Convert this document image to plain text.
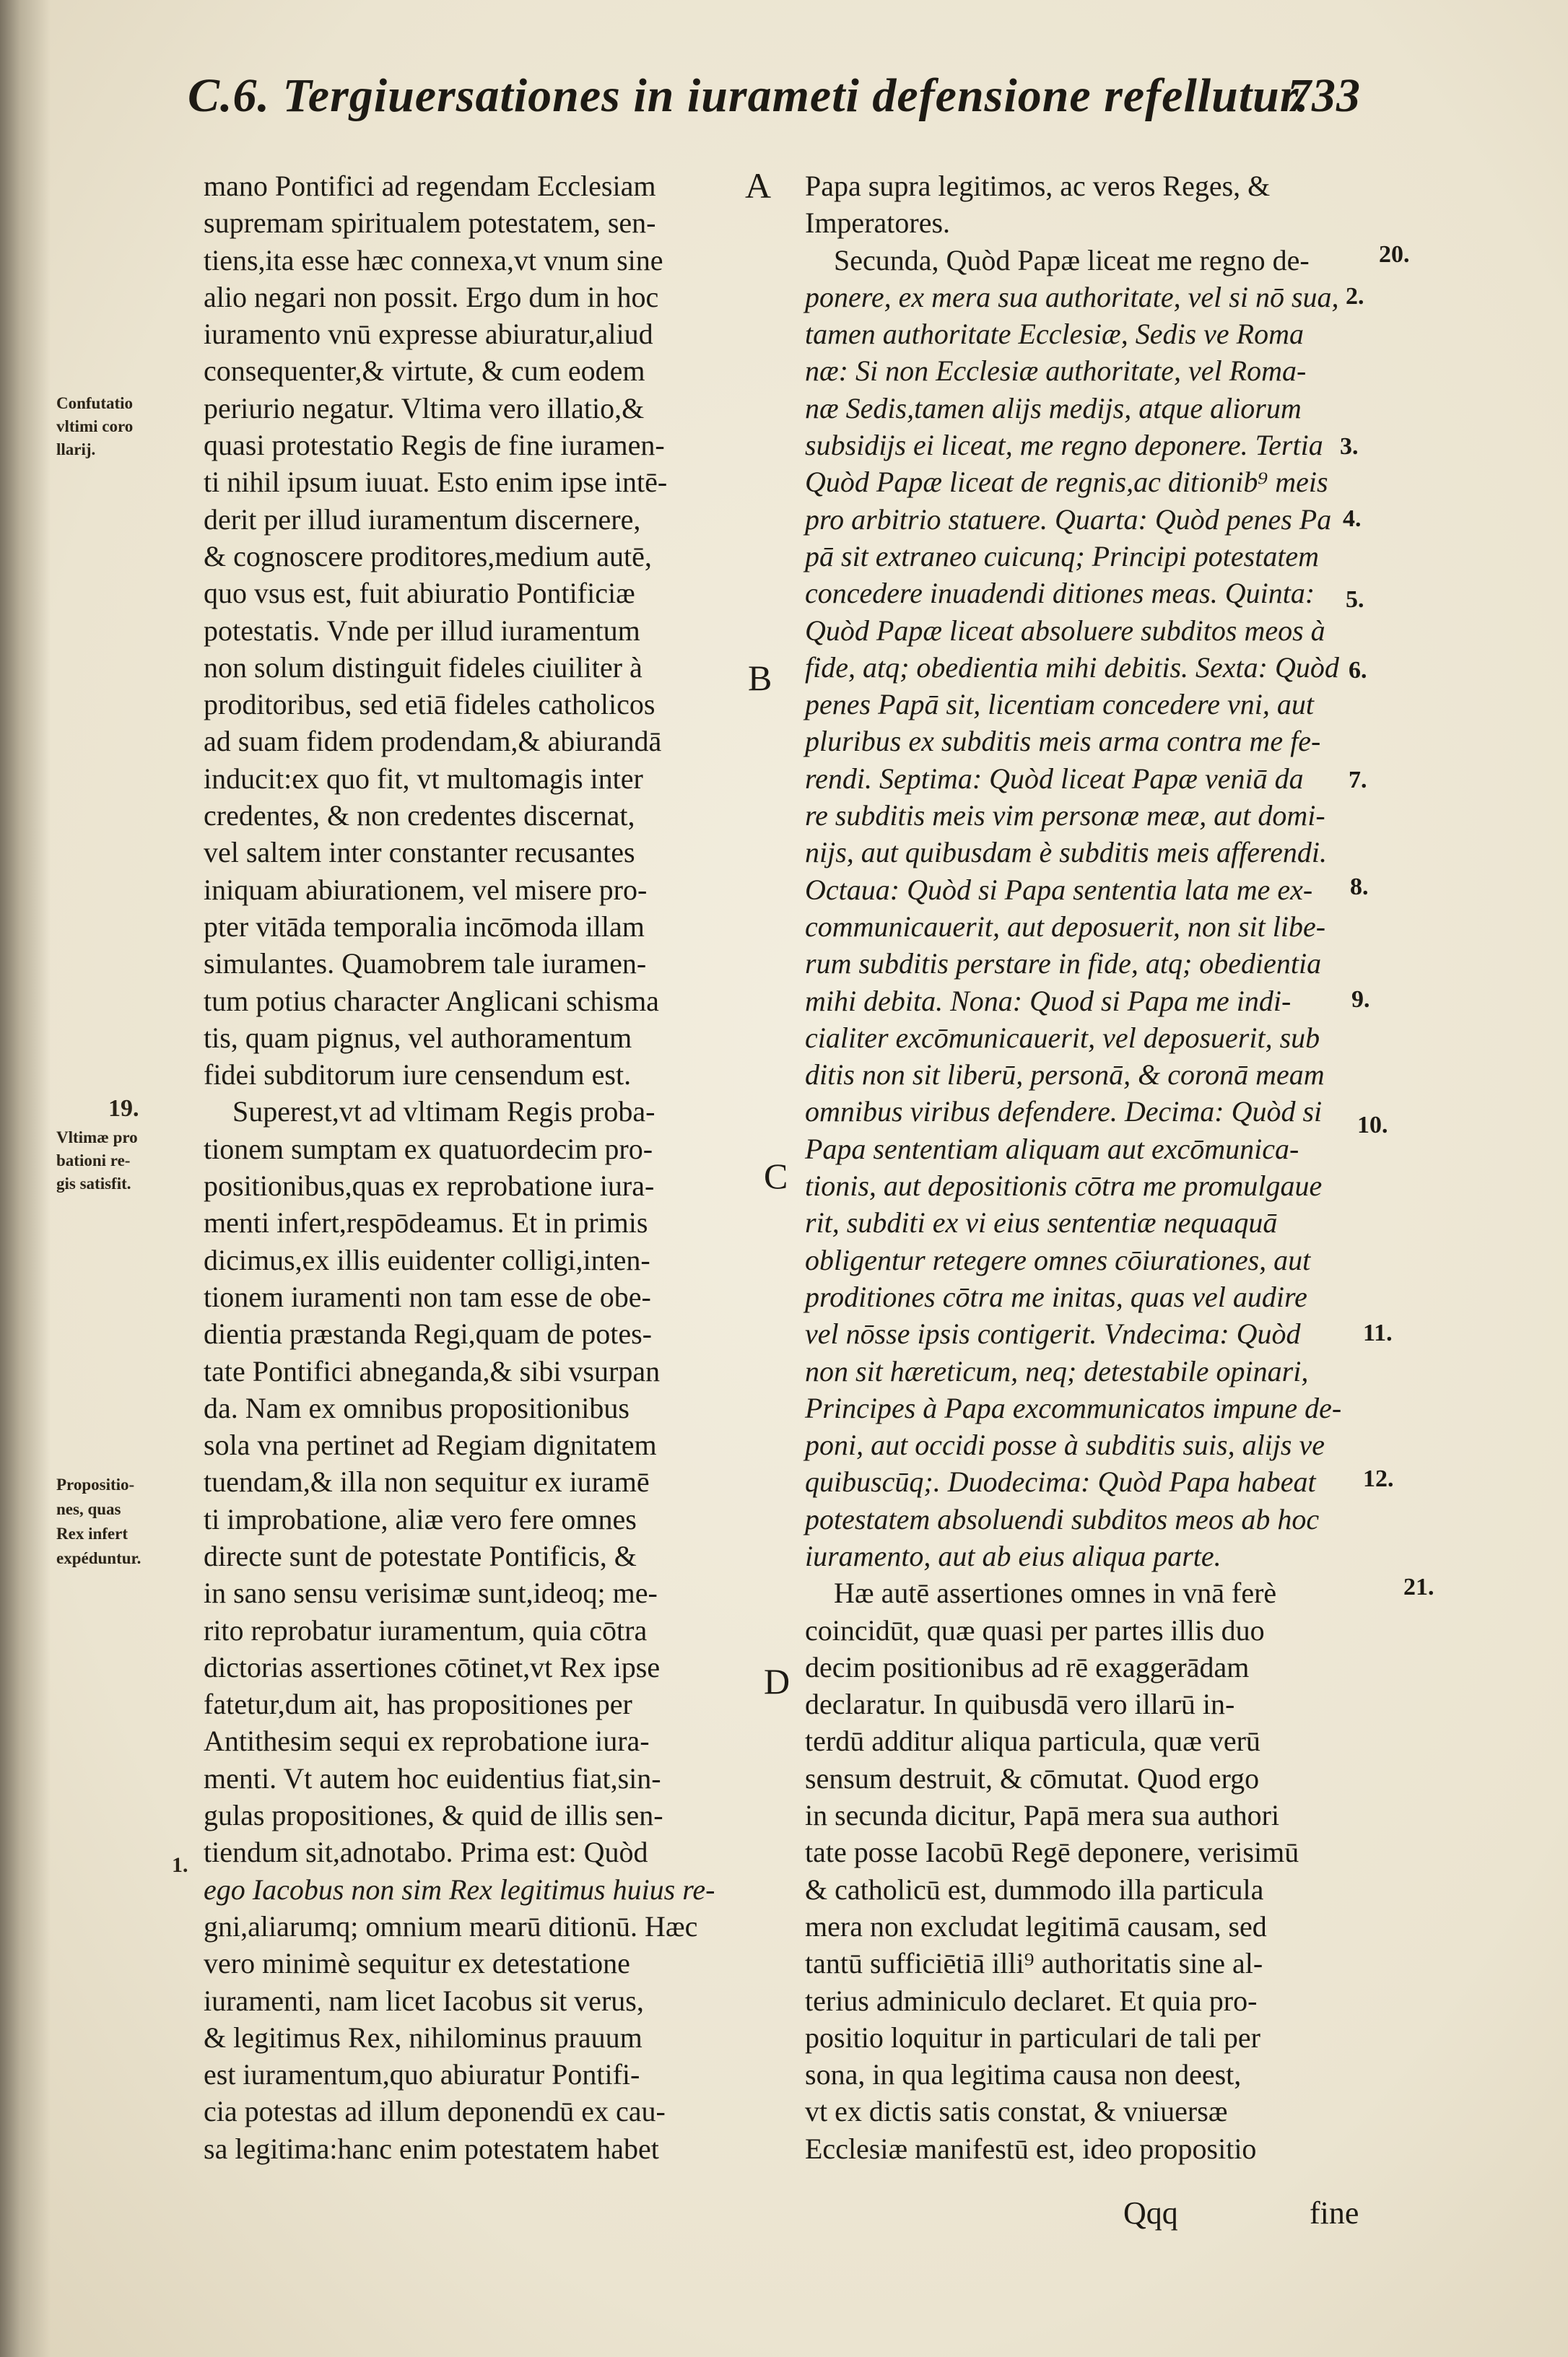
C.6. Tergiuersationes in iurameti defensione refellutur.
733

Confutatio

vltimi coro

llarij.

19.

Vltimæ pro

bationi re-

gis satisfit.

Propositio-

nes, quas

Rex infert

expéduntur.

1.
A
B
C
D
20.
2.
3.
4.
5.
6.
7.
8.
9.
10.
11.
12.
21.

mano Pontifici ad regendam Ecclesiam

supremam spiritualem potestatem, sen-

tiens,ita esse hæc connexa,vt vnum sine

alio negari non possit. Ergo dum in hoc

iuramento vnū expresse abiuratur,aliud

consequenter,& virtute, & cum eodem

periurio negatur. Vltima vero illatio,&

quasi protestatio Regis de fine iuramen-

ti nihil ipsum iuuat. Esto enim ipse intē-

derit per illud iuramentum discernere,

& cognoscere proditores,medium autē,

quo vsus est, fuit abiuratio Pontificiæ

potestatis. Vnde per illud iuramentum

non solum distinguit fideles ciuiliter à

proditoribus, sed etiā fideles catholicos

ad suam fidem prodendam,& abiurandā

inducit:ex quo fit, vt multomagis inter

credentes, & non credentes discernat,

vel saltem inter constanter recusantes

iniquam abiurationem, vel misere pro-

pter vitāda temporalia incōmoda illam

simulantes. Quamobrem tale iuramen-

tum potius character Anglicani schisma

tis, quam pignus, vel authoramentum

fidei subditorum iure censendum est.

Superest,vt ad vltimam Regis proba-

tionem sumptam ex quatuordecim pro-

positionibus,quas ex reprobatione iura-

menti infert,respōdeamus. Et in primis

dicimus,ex illis euidenter colligi,inten-

tionem iuramenti non tam esse de obe-

dientia præstanda Regi,quam de potes-

tate Pontifici abneganda,& sibi vsurpan

da. Nam ex omnibus propositionibus

sola vna pertinet ad Regiam dignitatem

tuendam,& illa non sequitur ex iuramē

ti improbatione, aliæ vero fere omnes

directe sunt de potestate Pontificis, &

in sano sensu verisimæ sunt,ideoq; me-

rito reprobatur iuramentum, quia cōtra

dictorias assertiones cōtinet,vt Rex ipse

fatetur,dum ait, has propositiones per

Antithesim sequi ex reprobatione iura-

menti. Vt autem hoc euidentius fiat,sin-

gulas propositiones, & quid de illis sen-

tiendum sit,adnotabo. Prima est: Quòd

ego Iacobus non sim Rex legitimus huius re-

gni,aliarumq; omnium mearū ditionū. Hæc

vero minimè sequitur ex detestatione

iuramenti, nam licet Iacobus sit verus,

& legitimus Rex, nihilominus prauum

est iuramentum,quo abiuratur Pontifi-

cia potestas ad illum deponendū ex cau-

sa legitima:hanc enim potestatem habet

Papa supra legitimos, ac veros Reges, &

Imperatores.

Secunda, Quòd Papæ liceat me regno de-

ponere, ex mera sua authoritate, vel si nō sua,

tamen authoritate Ecclesiæ, Sedis ve Roma

næ: Si non Ecclesiæ authoritate, vel Roma-

næ Sedis,tamen alijs medijs, atque aliorum

subsidijs ei liceat, me regno deponere. Tertia

Quòd Papæ liceat de regnis,ac ditionib⁹ meis

pro arbitrio statuere. Quarta: Quòd penes Pa

pā sit extraneo cuicunq; Principi potestatem

concedere inuadendi ditiones meas. Quinta:

Quòd Papæ liceat absoluere subditos meos à

fide, atq; obedientia mihi debitis. Sexta: Quòd

penes Papā sit, licentiam concedere vni, aut

pluribus ex subditis meis arma contra me fe-

rendi. Septima: Quòd liceat Papæ veniā da

re subditis meis vim personæ meæ, aut domi-

nijs, aut quibusdam è subditis meis afferendi.

Octaua: Quòd si Papa sententia lata me ex-

communicauerit, aut deposuerit, non sit libe-

rum subditis perstare in fide, atq; obedientia

mihi debita. Nona: Quod si Papa me indi-

cialiter excōmunicauerit, vel deposuerit, sub

ditis non sit liberū, personā, & coronā meam

omnibus viribus defendere. Decima: Quòd si

Papa sententiam aliquam aut excōmunica-

tionis, aut depositionis cōtra me promulgaue

rit, subditi ex vi eius sententiæ nequaquā

obligentur retegere omnes cōiurationes, aut

proditiones cōtra me initas, quas vel audire

vel nōsse ipsis contigerit. Vndecima: Quòd

non sit hæreticum, neq; detestabile opinari,

Principes à Papa excommunicatos impune de-

poni, aut occidi posse à subditis suis, alijs ve

quibuscūq;. Duodecima: Quòd Papa habeat

potestatem absoluendi subditos meos ab hoc

iuramento, aut ab eius aliqua parte.

Hæ autē assertiones omnes in vnā ferè

coincidūt, quæ quasi per partes illis duo

decim positionibus ad rē exaggerādam

declaratur. In quibusdā vero illarū in-

terdū additur aliqua particula, quæ verū

sensum destruit, & cōmutat. Quod ergo

in secunda dicitur, Papā mera sua authori

tate posse Iacobū Regē deponere, verisimū

& catholicū est, dummodo illa particula

mera non excludat legitimā causam, sed

tantū sufficiētiā illi⁹ authoritatis sine al-

terius adminiculo declaret. Et quia pro-

positio loquitur in particulari de tali per

sona, in qua legitima causa non deest,

vt ex dictis satis constat, & vniuersæ

Ecclesiæ manifestū est, ideo propositio

Qqq	fine
